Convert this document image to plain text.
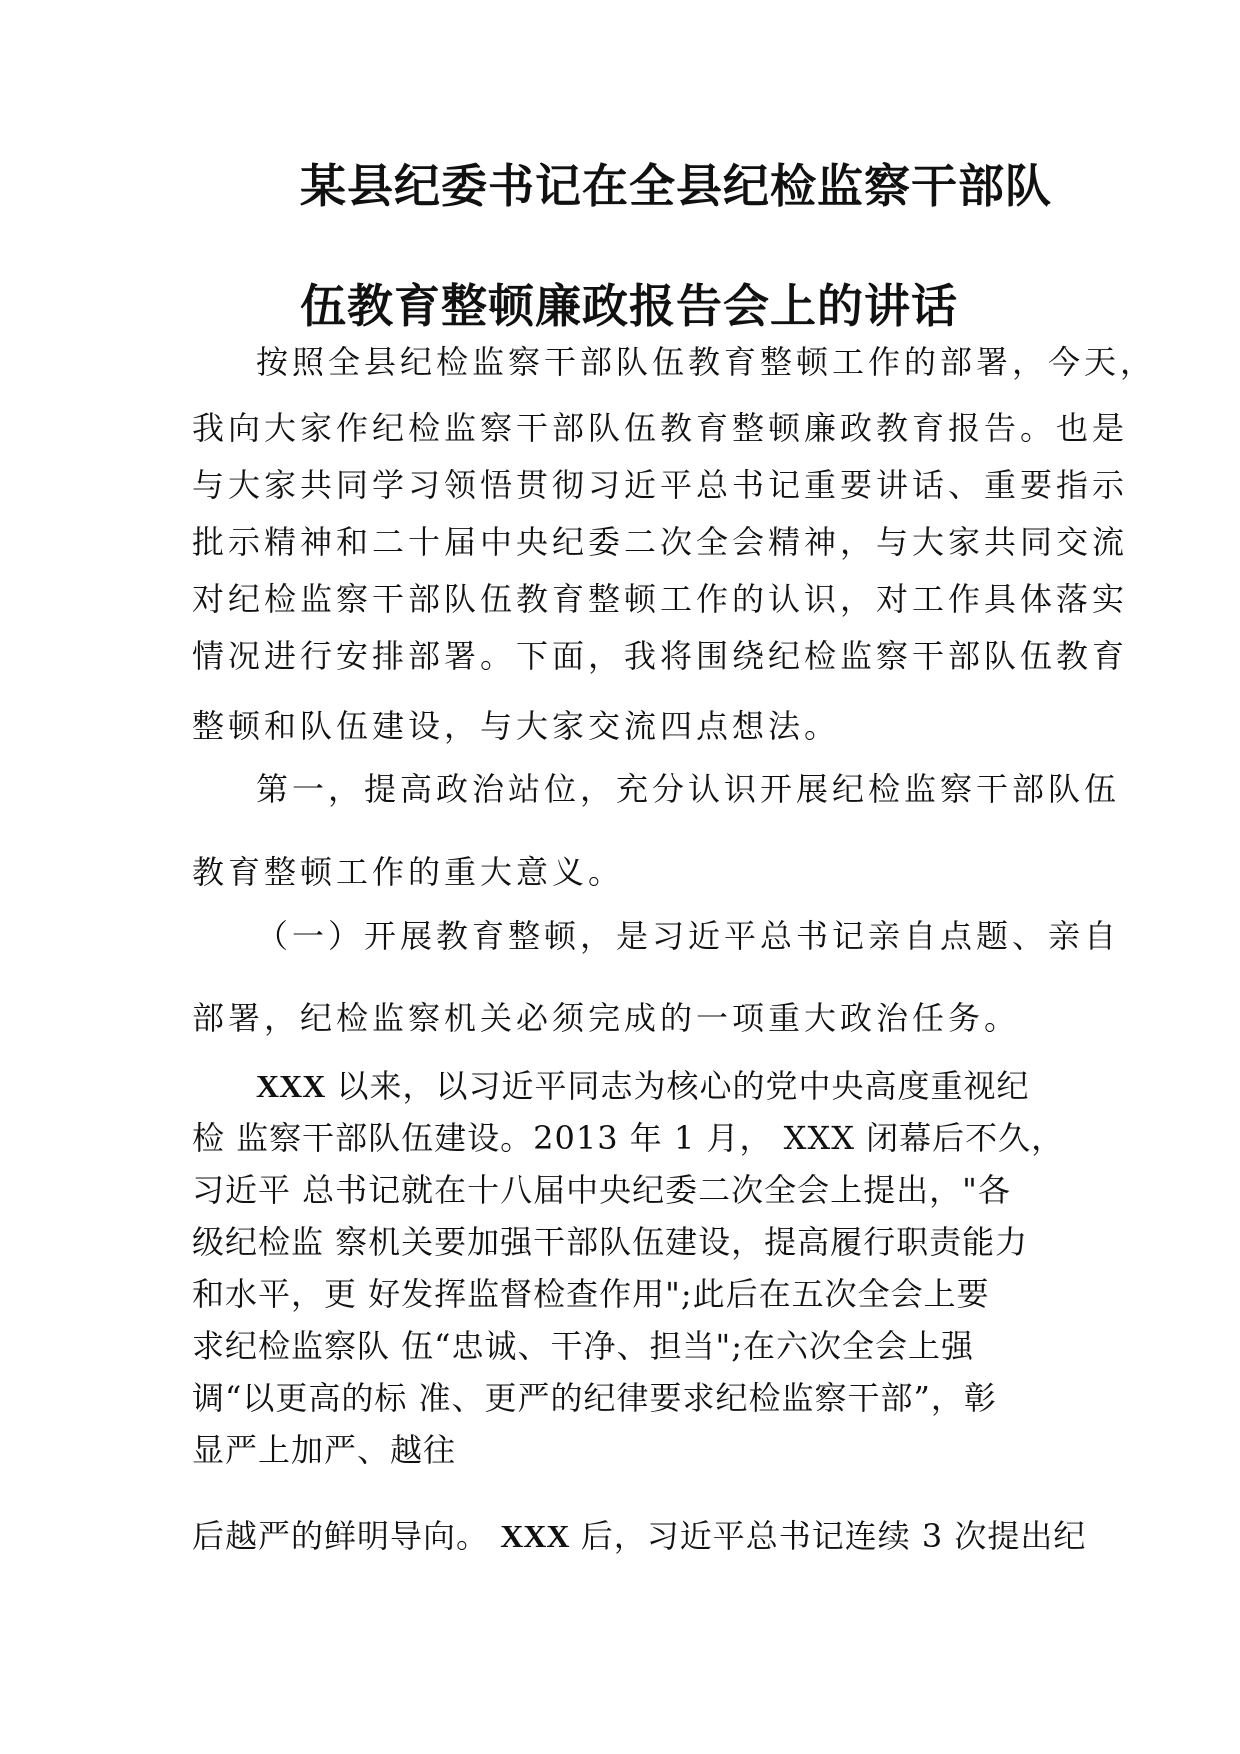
某县纪委书记在全县纪检监察干部队
伍教育整顿廉政报告会上的讲话

按照全县纪检监察干部队伍教育整顿工作的部署，今天，

我向大家作纪检监察干部队伍教育整顿廉政教育报告。也是

与大家共同学习领悟贯彻习近平总书记重要讲话、重要指示

批示精神和二十届中央纪委二次全会精神，与大家共同交流

对纪检监察干部队伍教育整顿工作的认识，对工作具体落实

情况进行安排部署。下面，我将围绕纪检监察干部队伍教育

整顿和队伍建设，与大家交流四点想法。

第一，提高政治站位，充分认识开展纪检监察干部队伍

教育整顿工作的重大意义。

（一）开展教育整顿，是习近平总书记亲自点题、亲自

部署，纪检监察机关必须完成的一项重大政治任务。

XXX 以来，以习近平同志为核心的党中央高度重视纪

检 监察干部队伍建设。2013 年 1 月， XXX 闭幕后不久，

习近平 总书记就在十八届中央纪委二次全会上提出，"各

级纪检监 察机关要加强干部队伍建设，提高履行职责能力

和水平，更 好发挥监督检查作用";此后在五次全会上要

求纪检监察队 伍“忠诚、干净、担当";在六次全会上强

调“以更高的标 准、更严的纪律要求纪检监察干部”，彰

显严上加严、越往

后越严的鲜明导向。 XXX 后，习近平总书记连续 3 次提出纪
